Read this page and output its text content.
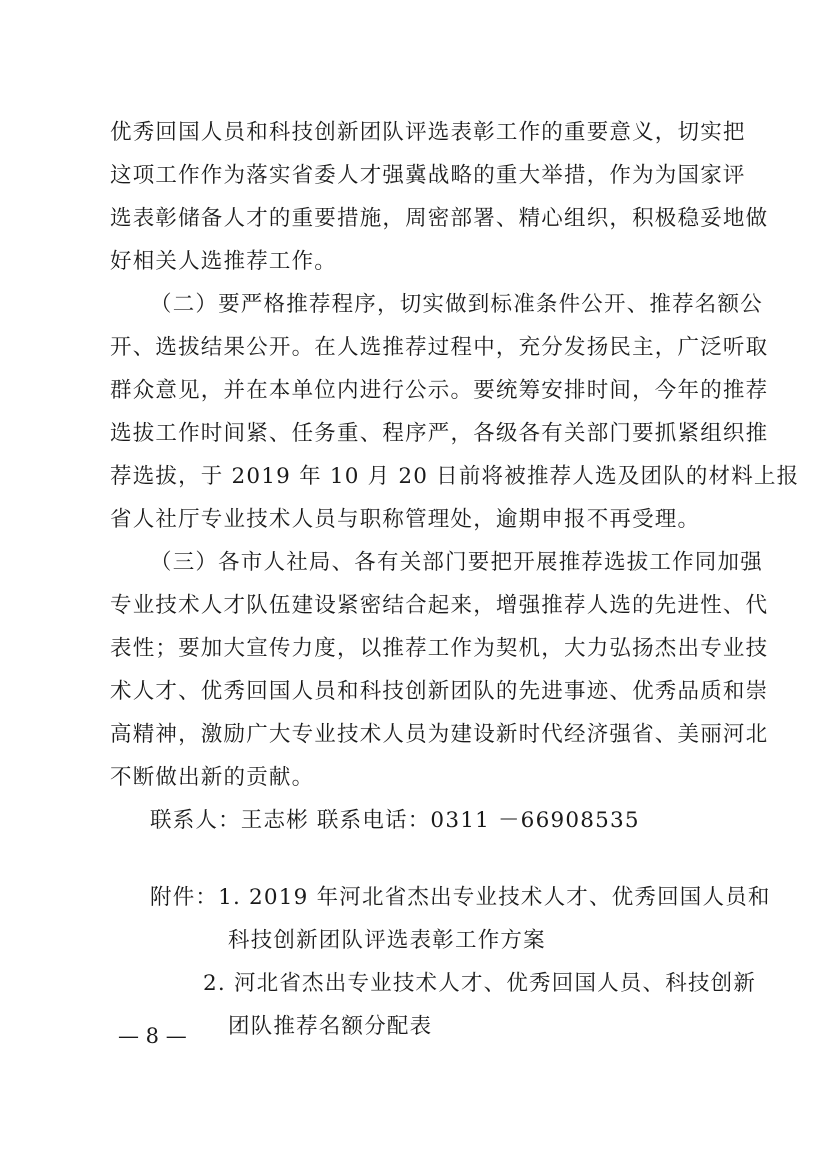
优秀回国人员和科技创新团队评选表彰工作的重要意义，切实把
这项工作作为落实省委人才强冀战略的重大举措，作为为国家评
选表彰储备人才的重要措施，周密部署、精心组织，积极稳妥地做
好相关人选推荐工作。
（二）要严格推荐程序，切实做到标准条件公开、推荐名额公
开、选拔结果公开。在人选推荐过程中，充分发扬民主，广泛听取
群众意见，并在本单位内进行公示。要统筹安排时间，今年的推荐
选拔工作时间紧、任务重、程序严，各级各有关部门要抓紧组织推
荐选拔，于 2019 年 10 月 20 日前将被推荐人选及团队的材料上报
省人社厅专业技术人员与职称管理处，逾期申报不再受理。
（三）各市人社局、各有关部门要把开展推荐选拔工作同加强
专业技术人才队伍建设紧密结合起来，增强推荐人选的先进性、代
表性；要加大宣传力度，以推荐工作为契机，大力弘扬杰出专业技
术人才、优秀回国人员和科技创新团队的先进事迹、优秀品质和崇
高精神，激励广大专业技术人员为建设新时代经济强省、美丽河北
不断做出新的贡献。
联系人：王志彬 联系电话：0311 －66908535
附件：1. 2019 年河北省杰出专业技术人才、优秀回国人员和
科技创新团队评选表彰工作方案
2. 河北省杰出专业技术人才、优秀回国人员、科技创新
团队推荐名额分配表
— 8 —
